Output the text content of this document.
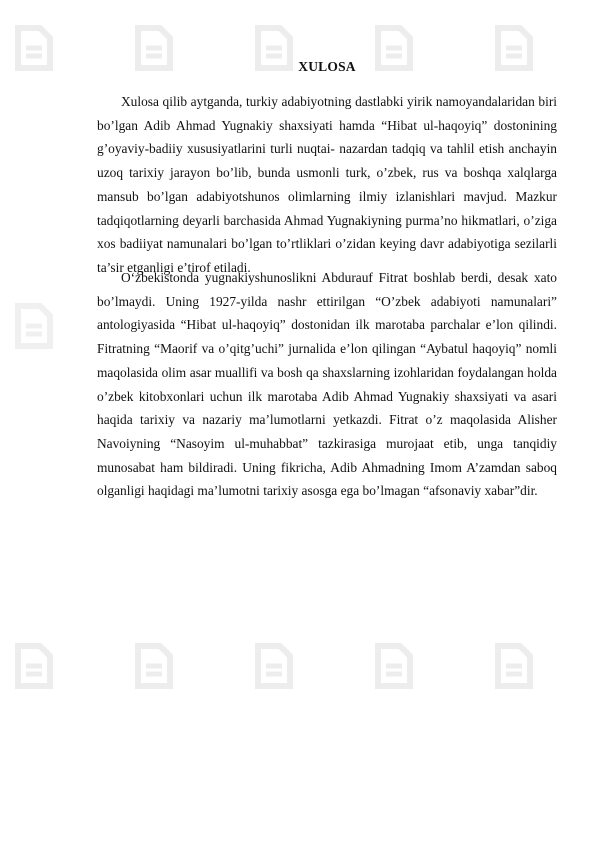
XULOSA

Xulosa qilib aytganda, turkiy adabiyotning dastlabki yirik namoyandalaridan biri bo’lgan Adib Ahmad Yugnakiy shaxsiyati hamda “Hibat ul-haqoyiq” dostonining g’oyaviy-badiiy xususiyatlarini turli nuqtai- nazardan tadqiq va tahlil etish anchayin uzoq tarixiy jarayon bo’lib, bunda usmonli turk, o’zbek, rus va boshqa xalqlarga mansub bo’lgan adabiyotshunos olimlarning ilmiy izlanishlari mavjud. Mazkur tadqiqotlarning deyarli barchasida Ahmad Yugnakiyning purma’no hikmatlari, o’ziga xos badiiyat namunalari bo’lgan to’rtliklari o’zidan keying davr adabiyotiga sezilarli ta’sir etganligi e’tirof etiladi.

O‘zbekistonda yugnakiyshunoslikni Abdurauf Fitrat boshlab berdi, desak xato bo’lmaydi. Uning 1927-yilda nashr ettirilgan “O’zbek adabiyoti namunalari” antologiyasida “Hibat ul-haqoyiq” dostonidan ilk marotaba parchalar e’lon qilindi. Fitratning “Maorif va o’qitg’uchi” jurnalida e’lon qilingan “Aybatul haqoyiq” nomli maqolasida olim asar muallifi va bosh qa shaxslarning izohlaridan foydalangan holda o’zbek kitobxonlari uchun ilk marotaba Adib Ahmad Yugnakiy shaxsiyati va asari haqida tarixiy va nazariy ma’lumotlarni yetkazdi. Fitrat o’z maqolasida Alisher Navoiyning “Nasoyim ul-muhabbat” tazkirasiga murojaat etib, unga tanqidiy munosabat ham bildiradi. Uning fikricha, Adib Ahmadning Imom A’zamdan saboq olganligi haqidagi ma’lumotni tarixiy asosga ega bo’lmagan “afsonaviy xabar”dir.
